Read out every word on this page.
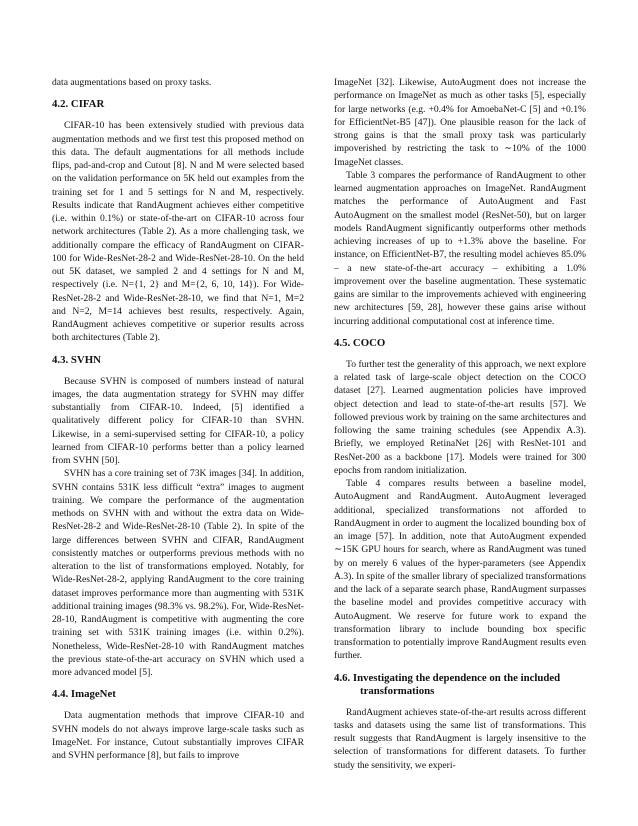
data augmentations based on proxy tasks.

4.2. CIFAR

CIFAR-10 has been extensively studied with previous data augmentation methods and we first test this proposed method on this data. The default augmentations for all methods include flips, pad-and-crop and Cutout [8]. N and M were selected based on the validation performance on 5K held out examples from the training set for 1 and 5 settings for N and M, respectively. Results indicate that RandAugment achieves either competitive (i.e. within 0.1%) or state-of-the-art on CIFAR-10 across four network architectures (Table 2). As a more challenging task, we additionally compare the efficacy of RandAugment on CIFAR-100 for Wide-ResNet-28-2 and Wide-ResNet-28-10. On the held out 5K dataset, we sampled 2 and 4 settings for N and M, respectively (i.e. N={1, 2} and M={2, 6, 10, 14}). For Wide-ResNet-28-2 and Wide-ResNet-28-10, we find that N=1, M=2 and N=2, M=14 achieves best results, respectively. Again, RandAugment achieves competitive or superior results across both architectures (Table 2).

4.3. SVHN

Because SVHN is composed of numbers instead of natural images, the data augmentation strategy for SVHN may differ substantially from CIFAR-10. Indeed, [5] identified a qualitatively different policy for CIFAR-10 than SVHN. Likewise, in a semi-supervised setting for CIFAR-10, a policy learned from CIFAR-10 performs better than a policy learned from SVHN [50].

SVHN has a core training set of 73K images [34]. In addition, SVHN contains 531K less difficult “extra” images to augment training. We compare the performance of the augmentation methods on SVHN with and without the extra data on Wide-ResNet-28-2 and Wide-ResNet-28-10 (Table 2). In spite of the large differences between SVHN and CIFAR, RandAugment consistently matches or outperforms previous methods with no alteration to the list of transformations employed. Notably, for Wide-ResNet-28-2, applying RandAugment to the core training dataset improves performance more than augmenting with 531K additional training images (98.3% vs. 98.2%). For, Wide-ResNet-28-10, RandAugment is competitive with augmenting the core training set with 531K training images (i.e. within 0.2%). Nonetheless, Wide-ResNet-28-10 with RandAugment matches the previous state-of-the-art accuracy on SVHN which used a more advanced model [5].

4.4. ImageNet

Data augmentation methods that improve CIFAR-10 and SVHN models do not always improve large-scale tasks such as ImageNet. For instance, Cutout substantially improves CIFAR and SVHN performance [8], but fails to improve

ImageNet [32]. Likewise, AutoAugment does not increase the performance on ImageNet as much as other tasks [5], especially for large networks (e.g. +0.4% for AmoebaNet-C [5] and +0.1% for EfficientNet-B5 [47]). One plausible reason for the lack of strong gains is that the small proxy task was particularly impoverished by restricting the task to ∼10% of the 1000 ImageNet classes.

Table 3 compares the performance of RandAugment to other learned augmentation approaches on ImageNet. RandAugment matches the performance of AutoAugment and Fast AutoAugment on the smallest model (ResNet-50), but on larger models RandAugment significantly outperforms other methods achieving increases of up to +1.3% above the baseline. For instance, on EfficientNet-B7, the resulting model achieves 85.0% – a new state-of-the-art accuracy – exhibiting a 1.0% improvement over the baseline augmentation. These systematic gains are similar to the improvements achieved with engineering new architectures [59, 28], however these gains arise without incurring additional computational cost at inference time.

4.5. COCO

To further test the generality of this approach, we next explore a related task of large-scale object detection on the COCO dataset [27]. Learned augmentation policies have improved object detection and lead to state-of-the-art results [57]. We followed previous work by training on the same architectures and following the same training schedules (see Appendix A.3). Briefly, we employed RetinaNet [26] with ResNet-101 and ResNet-200 as a backbone [17]. Models were trained for 300 epochs from random initialization.

Table 4 compares results between a baseline model, AutoAugment and RandAugment. AutoAugment leveraged additional, specialized transformations not afforded to RandAugment in order to augment the localized bounding box of an image [57]. In addition, note that AutoAugment expended ∼15K GPU hours for search, where as RandAugment was tuned by on merely 6 values of the hyper-parameters (see Appendix A.3). In spite of the smaller library of specialized transformations and the lack of a separate search phase, RandAugment surpasses the baseline model and provides competitive accuracy with AutoAugment. We reserve for future work to expand the transformation library to include bounding box specific transformation to potentially improve RandAugment results even further.

4.6. Investigating the dependence on the included
transformations

RandAugment achieves state-of-the-art results across different tasks and datasets using the same list of transformations. This result suggests that RandAugment is largely insensitive to the selection of transformations for different datasets. To further study the sensitivity, we experi-
